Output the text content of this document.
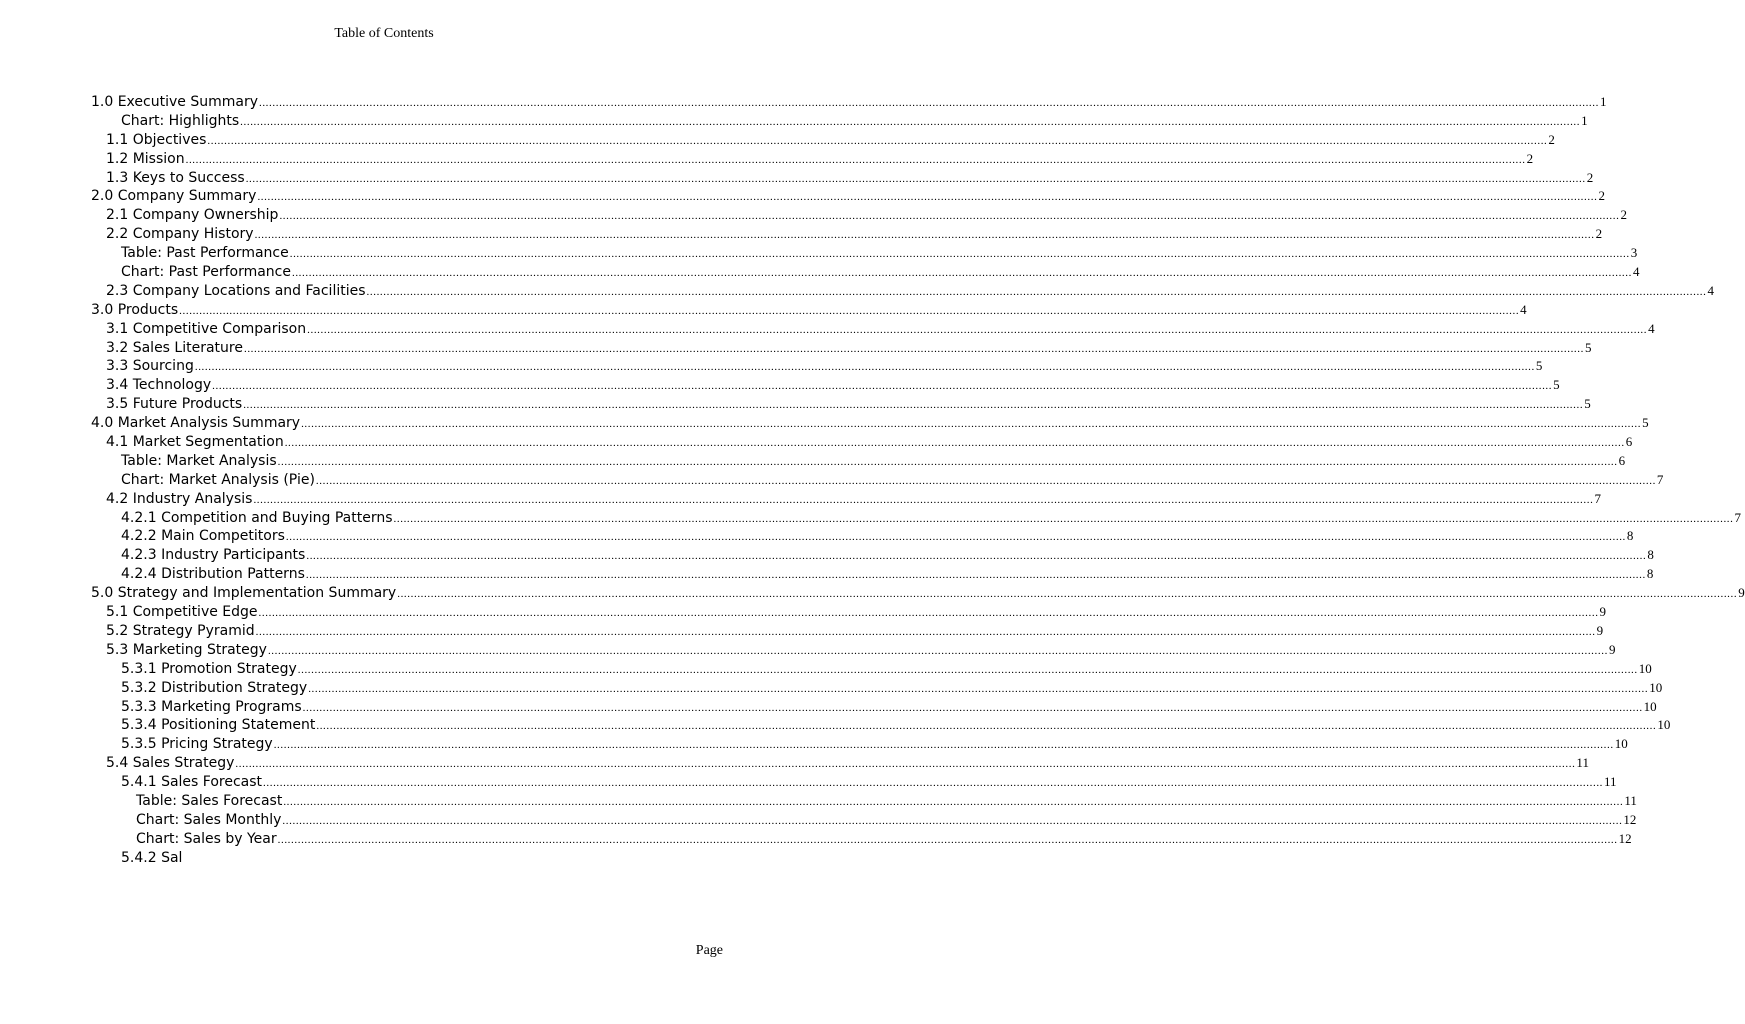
Table of Contents
1.0 Executive Summary ................................................................................................................................................................................................................................................................................................................................................................................................................ 1
Chart: Highlights ................................................................................................................................................................................................................................................................................................................................................................................................................ 1
1.1 Objectives ................................................................................................................................................................................................................................................................................................................................................................................................................ 2
1.2 Mission ................................................................................................................................................................................................................................................................................................................................................................................................................ 2
1.3 Keys to Success ................................................................................................................................................................................................................................................................................................................................................................................................................ 2
2.0 Company Summary ................................................................................................................................................................................................................................................................................................................................................................................................................ 2
2.1 Company Ownership ................................................................................................................................................................................................................................................................................................................................................................................................................ 2
2.2 Company History ................................................................................................................................................................................................................................................................................................................................................................................................................ 2
Table: Past Performance ................................................................................................................................................................................................................................................................................................................................................................................................................ 3
Chart: Past Performance ................................................................................................................................................................................................................................................................................................................................................................................................................ 4
2.3 Company Locations and Facilities ................................................................................................................................................................................................................................................................................................................................................................................................................ 4
3.0 Products ................................................................................................................................................................................................................................................................................................................................................................................................................ 4
3.1 Competitive Comparison ................................................................................................................................................................................................................................................................................................................................................................................................................ 4
3.2 Sales Literature ................................................................................................................................................................................................................................................................................................................................................................................................................ 5
3.3 Sourcing ................................................................................................................................................................................................................................................................................................................................................................................................................ 5
3.4 Technology ................................................................................................................................................................................................................................................................................................................................................................................................................ 5
3.5 Future Products ................................................................................................................................................................................................................................................................................................................................................................................................................ 5
4.0 Market Analysis Summary ................................................................................................................................................................................................................................................................................................................................................................................................................ 5
4.1 Market Segmentation ................................................................................................................................................................................................................................................................................................................................................................................................................ 6
Table: Market Analysis ................................................................................................................................................................................................................................................................................................................................................................................................................ 6
Chart: Market Analysis (Pie) ................................................................................................................................................................................................................................................................................................................................................................................................................ 7
4.2 Industry Analysis ................................................................................................................................................................................................................................................................................................................................................................................................................ 7
4.2.1 Competition and Buying Patterns ................................................................................................................................................................................................................................................................................................................................................................................................................ 7
4.2.2 Main Competitors ................................................................................................................................................................................................................................................................................................................................................................................................................ 8
4.2.3 Industry Participants ................................................................................................................................................................................................................................................................................................................................................................................................................ 8
4.2.4 Distribution Patterns ................................................................................................................................................................................................................................................................................................................................................................................................................ 8
5.0 Strategy and Implementation Summary ................................................................................................................................................................................................................................................................................................................................................................................................................ 9
5.1 Competitive Edge ................................................................................................................................................................................................................................................................................................................................................................................................................ 9
5.2 Strategy Pyramid ................................................................................................................................................................................................................................................................................................................................................................................................................ 9
5.3 Marketing Strategy ................................................................................................................................................................................................................................................................................................................................................................................................................ 9
5.3.1 Promotion Strategy ................................................................................................................................................................................................................................................................................................................................................................................................................ 10
5.3.2 Distribution Strategy ................................................................................................................................................................................................................................................................................................................................................................................................................ 10
5.3.3 Marketing Programs ................................................................................................................................................................................................................................................................................................................................................................................................................ 10
5.3.4 Positioning Statement ................................................................................................................................................................................................................................................................................................................................................................................................................ 10
5.3.5 Pricing Strategy ................................................................................................................................................................................................................................................................................................................................................................................................................ 10
5.4 Sales Strategy ................................................................................................................................................................................................................................................................................................................................................................................................................ 11
5.4.1 Sales Forecast ................................................................................................................................................................................................................................................................................................................................................................................................................ 11
Table: Sales Forecast ................................................................................................................................................................................................................................................................................................................................................................................................................ 11
Chart: Sales Monthly ................................................................................................................................................................................................................................................................................................................................................................................................................ 12
Chart: Sales by Year ................................................................................................................................................................................................................................................................................................................................................................................................................ 12
5.4.2 Sal
Page
